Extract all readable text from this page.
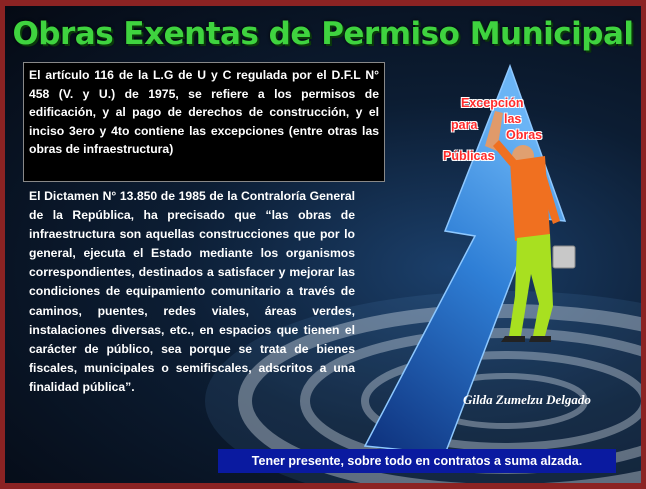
Obras Exentas de Permiso Municipal
El artículo 116 de la L.G de U y C regulada por el D.F.L N° 458 (V. y U.) de 1975, se refiere a los permisos de edificación, y al pago de derechos de construcción, y el inciso 3ero y 4to contiene las excepciones (entre otras las obras de infraestructura)
El Dictamen N° 13.850 de 1985 de la Contraloría General de la República, ha precisado que “las obras de infraestructura son aquellas construcciones que por lo general, ejecuta el Estado mediante los organismos correspondientes, destinados a satisfacer y mejorar las condiciones de equipamiento comunitario a través de caminos, puentes, redes viales, áreas verdes, instalaciones diversas, etc., en espacios que tienen el carácter de público, sea porque se trata de bienes fiscales, municipales o semifiscales, adscritos a una finalidad pública”.
Excepción
para las
Obras
Públicas
Gilda Zumelzu Delgado
Tener presente, sobre todo en contratos a suma alzada.
